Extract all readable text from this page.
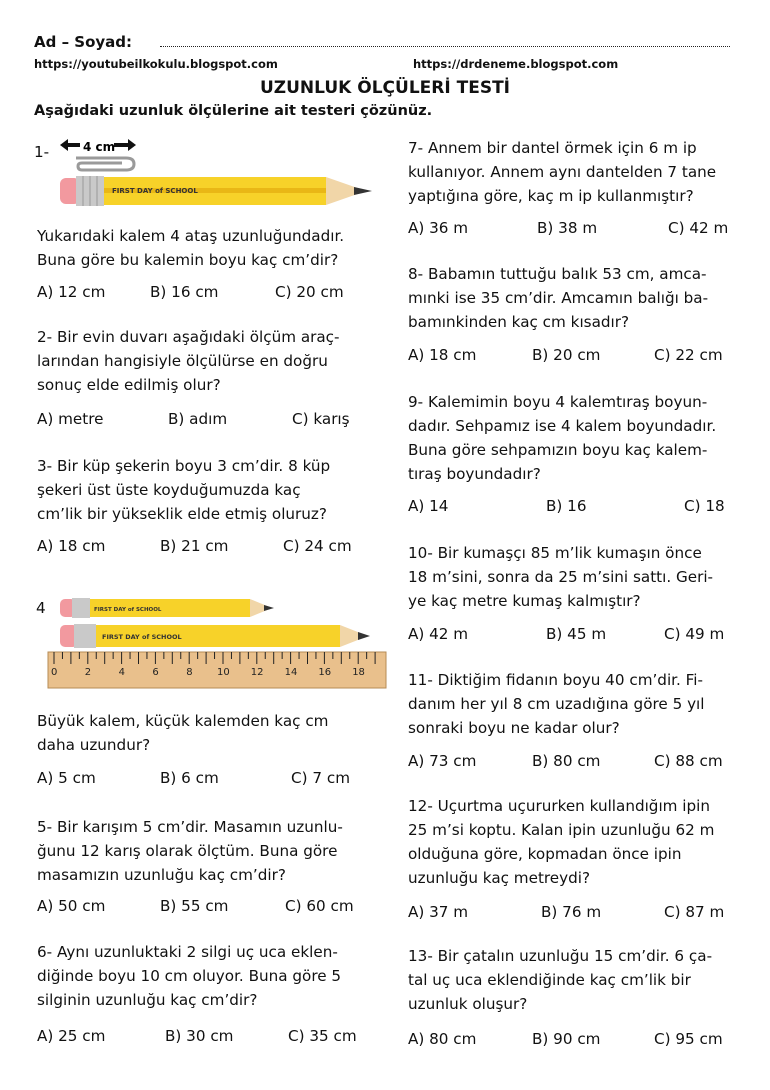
Ad – Soyad:
https://youtubeilkokulu.blogspot.com	https://drdeneme.blogspot.com
UZUNLUK ÖLÇÜLERİ TESTİ
Aşağıdaki uzunluk ölçülerine ait testeri çözünüz.
1-	4 cm
FIRST DAY of SCHOOL
4	FIRST DAY of SCHOOL
FIRST DAY of SCHOOL
0	2	4	6	8 10 12 14 16 18
Yukarıdaki kalem 4 ataş uzunluğundadır.
Buna göre bu kalemin boyu kaç cm’dir?
A) 12 cm	B) 16 cm	C) 20 cm
2- Bir evin duvarı aşağıdaki ölçüm araç-
larından hangisiyle ölçülürse en doğru
sonuç elde edilmiş olur?
A) metre	B) adım	C) karış
3- Bir küp şekerin boyu 3 cm’dir. 8 küp
şekeri üst üste koyduğumuzda kaç
cm’lik bir yükseklik elde etmiş oluruz?
A) 18 cm	B) 21 cm	C) 24 cm
Büyük kalem, küçük kalemden kaç cm
daha uzundur?
A) 5 cm	B) 6 cm	C) 7 cm
5- Bir karışım 5 cm’dir. Masamın uzunlu-
ğunu 12 karış olarak ölçtüm. Buna göre
masamızın uzunluğu kaç cm’dir?
A) 50 cm	B) 55 cm	C) 60 cm
6- Aynı uzunluktaki 2 silgi uç uca eklen-
diğinde boyu 10 cm oluyor. Buna göre 5
silginin uzunluğu kaç cm’dir?
A) 25 cm	B) 30 cm	C) 35 cm
7- Annem bir dantel örmek için 6 m ip
kullanıyor. Annem aynı dantelden 7 tane
yaptığına göre, kaç m ip kullanmıştır?
A) 36 m	B) 38 m	C) 42 m
8- Babamın tuttuğu balık 53 cm, amca-
mınki ise 35 cm’dir. Amcamın balığı ba-
bamınkinden kaç cm kısadır?
A) 18 cm	B) 20 cm	C) 22 cm
9- Kalemimin boyu 4 kalemtıraş boyun-
dadır. Sehpamız ise 4 kalem boyundadır.
Buna göre sehpamızın boyu kaç kalem-
tıraş boyundadır?
A) 14	B) 16	C) 18
10- Bir kumaşçı 85 m’lik kumaşın önce
18 m’sini, sonra da 25 m’sini sattı. Geri-
ye kaç metre kumaş kalmıştır?
A) 42 m	B) 45 m	C) 49 m
11- Diktiğim fidanın boyu 40 cm’dir. Fi-
danım her yıl 8 cm uzadığına göre 5 yıl
sonraki boyu ne kadar olur?
A) 73 cm	B) 80 cm	C) 88 cm
12- Uçurtma uçururken kullandığım ipin
25 m’si koptu. Kalan ipin uzunluğu 62 m
olduğuna göre, kopmadan önce ipin
uzunluğu kaç metreydi?
A) 37 m	B) 76 m	C) 87 m
13- Bir çatalın uzunluğu 15 cm’dir. 6 ça-
tal uç uca eklendiğinde kaç cm’lik bir
uzunluk oluşur?
A) 80 cm	B) 90 cm	C) 95 cm
